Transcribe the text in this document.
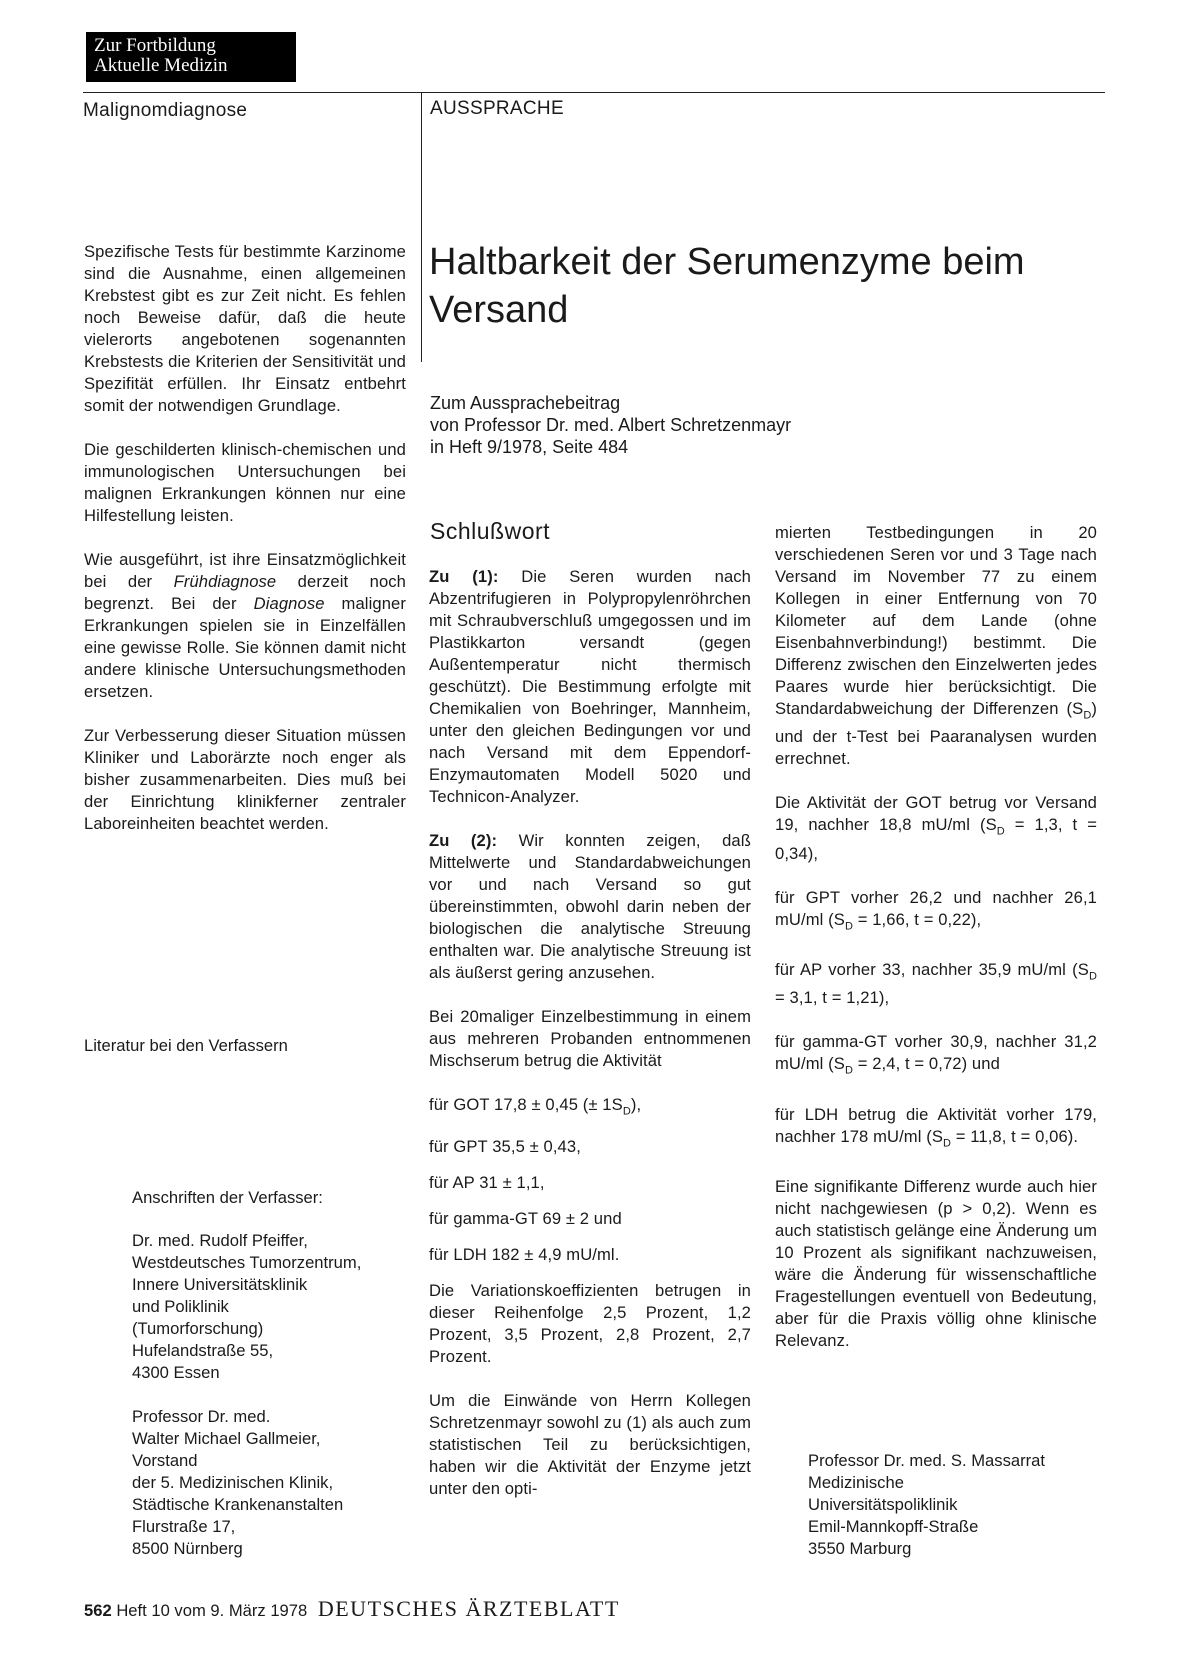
Zur Fortbildung
Aktuelle Medizin
Malignomdiagnose	AUSSPRACHE
Haltbarkeit der Serumenzyme beim Versand
Zum Aussprachebeitrag
von Professor Dr. med. Albert Schretzenmayr
in Heft 9/1978, Seite 484

Spezifische Tests für bestimmte Karzinome sind die Ausnahme, einen allgemeinen Krebstest gibt es zur Zeit nicht. Es fehlen noch Beweise dafür, daß die heute vielerorts angebotenen sogenannten Krebstests die Kriterien der Sensitivität und Spezifität erfüllen. Ihr Einsatz entbehrt somit der notwendigen Grundlage.

Die geschilderten klinisch-chemischen und immunologischen Untersuchungen bei malignen Erkrankungen können nur eine Hilfestellung leisten.

Wie ausgeführt, ist ihre Einsatzmöglichkeit bei der Frühdiagnose derzeit noch begrenzt. Bei der Diagnose maligner Erkrankungen spielen sie in Einzelfällen eine gewisse Rolle. Sie können damit nicht andere klinische Untersuchungsmethoden ersetzen.

Zur Verbesserung dieser Situation müssen Kliniker und Laborärzte noch enger als bisher zusammenarbeiten. Dies muß bei der Einrichtung klinikferner zentraler Laboreinheiten beachtet werden.

Literatur bei den Verfassern
Anschriften der Verfasser:
Dr. med. Rudolf Pfeiffer,
Westdeutsches Tumorzentrum,
Innere Universitätsklinik
und Poliklinik
(Tumorforschung)
Hufelandstraße 55,
4300 Essen
Professor Dr. med.
Walter Michael Gallmeier,
Vorstand
der 5. Medizinischen Klinik,
Städtische Krankenanstalten
Flurstraße 17,
8500 Nürnberg
Schlußwort

Zu (1): Die Seren wurden nach Abzentrifugieren in Polypropylenröhrchen mit Schraubverschluß umgegossen und im Plastikkarton versandt (gegen Außentemperatur nicht thermisch geschützt). Die Bestimmung erfolgte mit Chemikalien von Boehringer, Mannheim, unter den gleichen Bedingungen vor und nach Versand mit dem Eppendorf-Enzymautomaten Modell 5020 und Technicon-Analyzer.

Zu (2): Wir konnten zeigen, daß Mittelwerte und Standardabweichungen vor und nach Versand so gut übereinstimmten, obwohl darin neben der biologischen die analytische Streuung enthalten war. Die analytische Streuung ist als äußerst gering anzusehen.

Bei 20maliger Einzelbestimmung in einem aus mehreren Probanden entnommenen Mischserum betrug die Aktivität

für GOT 17,8 ± 0,45 (± $1S_D$),

für GPT 35,5 ± 0,43,

für AP 31 ± 1,1,

für gamma-GT 69 ± 2 und

für LDH 182 ± 4,9 mU/ml.

Die Variationskoeffizienten betrugen in dieser Reihenfolge 2,5 Prozent, 1,2 Prozent, 3,5 Prozent, 2,8 Prozent, 2,7 Prozent.

Um die Einwände von Herrn Kollegen Schretzenmayr sowohl zu (1) als auch zum statistischen Teil zu berücksichtigen, haben wir die Aktivität der Enzyme jetzt unter den opti-

mierten Testbedingungen in 20 verschiedenen Seren vor und 3 Tage nach Versand im November 77 zu einem Kollegen in einer Entfernung von 70 Kilometer auf dem Lande (ohne Eisenbahnverbindung!) bestimmt. Die Differenz zwischen den Einzelwerten jedes Paares wurde hier berücksichtigt. Die Standardabweichung der Differenzen $(S_D)$ und der t-Test bei Paaranalysen wurden errechnet.

Die Aktivität der GOT betrug vor Versand 19, nachher 18,8 mU/ml ($S_D = 1,3$, t = 0,34),

für GPT vorher 26,2 und nachher 26,1 mU/ml ($S_D = 1,66$, t = 0,22),

für AP vorher 33, nachher 35,9 mU/ml ($S_D = 3,1$, t = 1,21),

für gamma-GT vorher 30,9, nachher 31,2 mU/ml ($S_D = 2,4$, t = 0,72) und

für LDH betrug die Aktivität vorher 179, nachher 178 mU/ml ($S_D = 11,8$, t = 0,06).

Eine signifikante Differenz wurde auch hier nicht nachgewiesen (p > 0,2). Wenn es auch statistisch gelänge eine Änderung um 10 Prozent als signifikant nachzuweisen, wäre die Änderung für wissenschaftliche Fragestellungen eventuell von Bedeutung, aber für die Praxis völlig ohne klinische Relevanz.

Professor Dr. med. S. Massarrat
Medizinische
Universitätspoliklinik
Emil-Mannkopff-Straße
3550 Marburg
562 Heft 10 vom 9. März 1978 DEUTSCHES ÄRZTEBLATT
